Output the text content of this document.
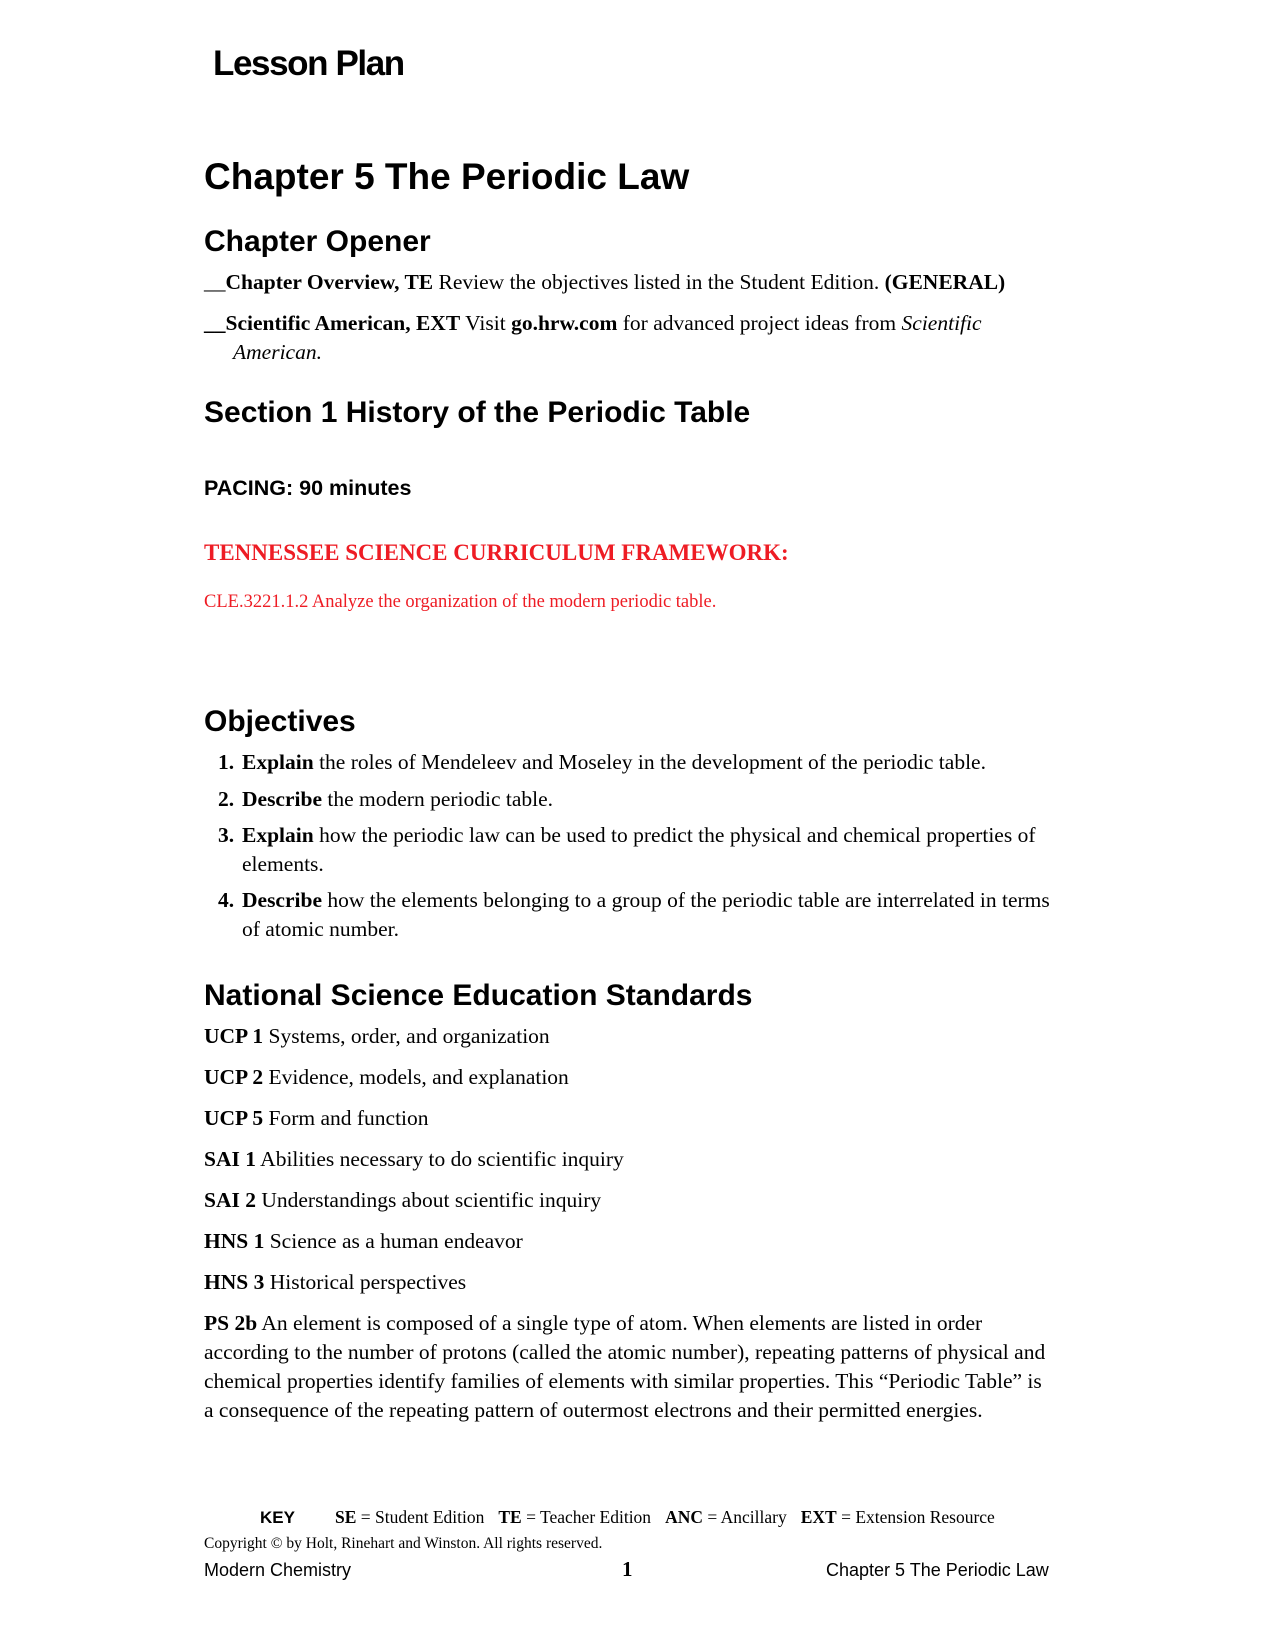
Lesson Plan
Chapter 5 The Periodic Law
Chapter Opener
__Chapter Overview, TE Review the objectives listed in the Student Edition. (GENERAL)
__Scientific American, EXT Visit go.hrw.com for advanced project ideas from Scientific
American.
Section 1 History of the Periodic Table
PACING: 90 minutes
TENNESSEE SCIENCE CURRICULUM FRAMEWORK:
CLE.3221.1.2 Analyze the organization of the modern periodic table.
Objectives
1. Explain the roles of Mendeleev and Moseley in the development of the periodic table.
2. Describe the modern periodic table.
3. Explain how the periodic law can be used to predict the physical and chemical properties of
elements.
4. Describe how the elements belonging to a group of the periodic table are interrelated in terms
of atomic number.
National Science Education Standards
UCP 1 Systems, order, and organization
UCP 2 Evidence, models, and explanation
UCP 5 Form and function
SAI 1 Abilities necessary to do scientific inquiry
SAI 2 Understandings about scientific inquiry
HNS 1 Science as a human endeavor
HNS 3 Historical perspectives
PS 2b An element is composed of a single type of atom. When elements are listed in order
according to the number of protons (called the atomic number), repeating patterns of physical and
chemical properties identify families of elements with similar properties. This “Periodic Table” is
a consequence of the repeating pattern of outermost electrons and their permitted energies.
KEY SE = Student Edition TE = Teacher Edition ANC = Ancillary EXT = Extension Resource
Copyright © by Holt, Rinehart and Winston. All rights reserved.
Modern Chemistry	1	Chapter 5 The Periodic Law
